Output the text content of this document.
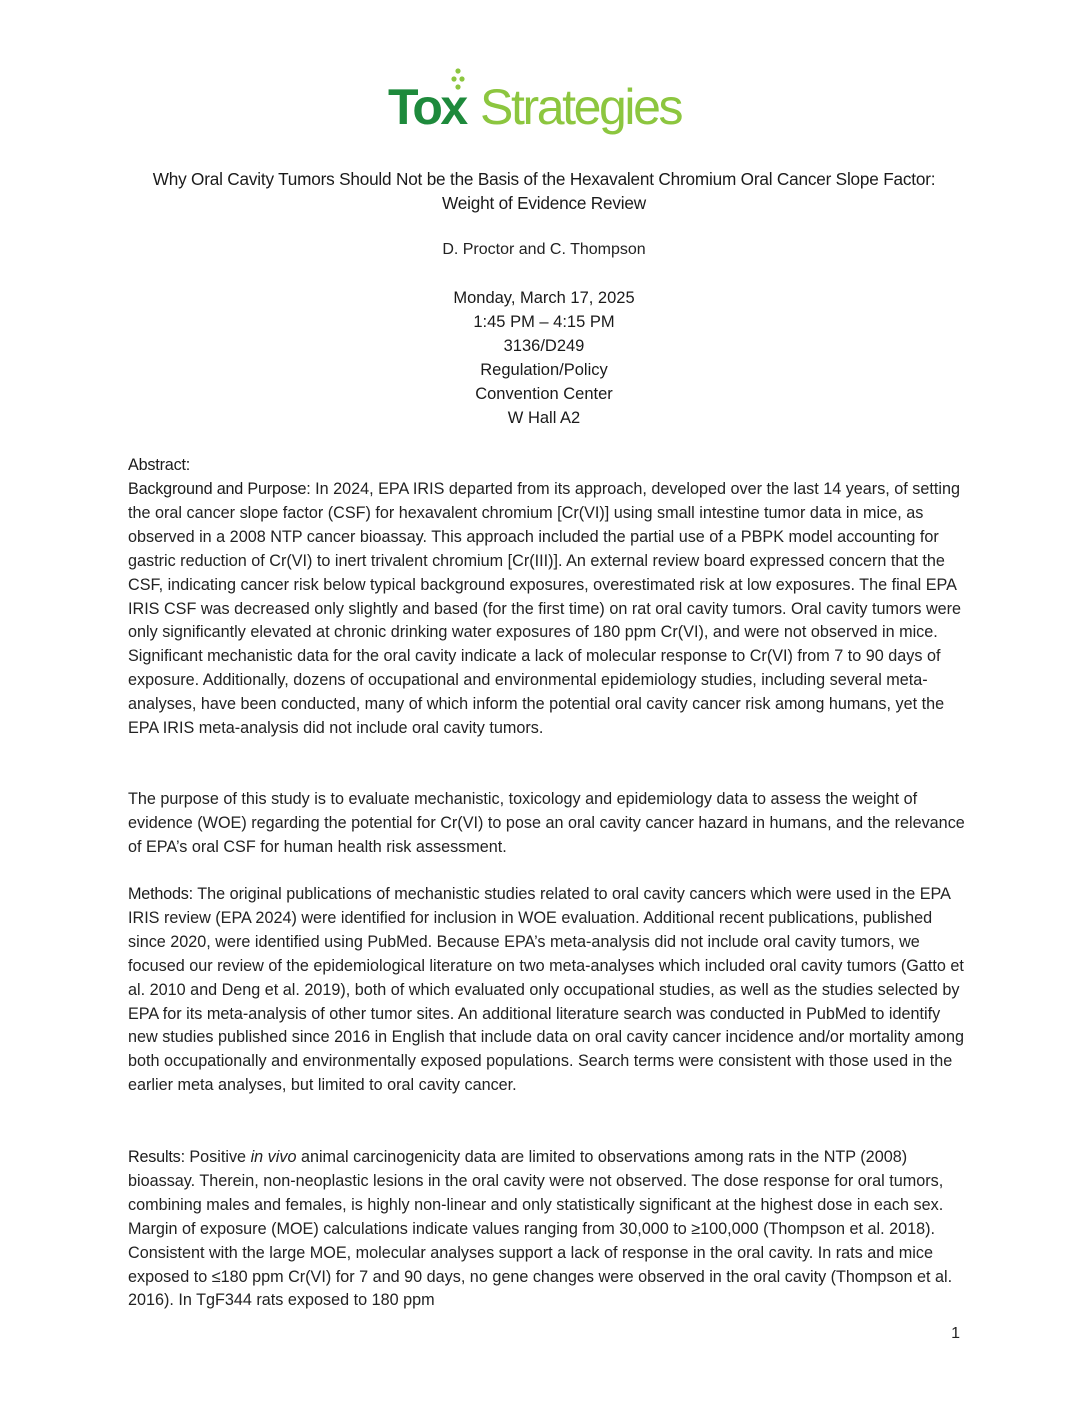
Tox Strategies
Why Oral Cavity Tumors Should Not be the Basis of the Hexavalent Chromium Oral Cancer Slope Factor:
Weight of Evidence Review
D. Proctor and C. Thompson
Monday, March 17, 2025
1:45 PM – 4:15 PM
3136/D249
Regulation/Policy
Convention Center
W Hall A2
Abstract:

Background and Purpose: In 2024, EPA IRIS departed from its approach, developed over the last 14 years, of setting the oral cancer slope factor (CSF) for hexavalent chromium [Cr(VI)] using small intestine tumor data in mice, as observed in a 2008 NTP cancer bioassay. This approach included the partial use of a PBPK model accounting for gastric reduction of Cr(VI) to inert trivalent chromium [Cr(III)]. An external review board expressed concern that the CSF, indicating cancer risk below typical background exposures, overestimated risk at low exposures. The final EPA IRIS CSF was decreased only slightly and based (for the first time) on rat oral cavity tumors. Oral cavity tumors were only significantly elevated at chronic drinking water exposures of 180 ppm Cr(VI), and were not observed in mice. Significant mechanistic data for the oral cavity indicate a lack of molecular response to Cr(VI) from 7 to 90 days of exposure. Additionally, dozens of occupational and environmental epidemiology studies, including several meta-analyses, have been conducted, many of which inform the potential oral cavity cancer risk among humans, yet the EPA IRIS meta-analysis did not include oral cavity tumors.

The purpose of this study is to evaluate mechanistic, toxicology and epidemiology data to assess the weight of evidence (WOE) regarding the potential for Cr(VI) to pose an oral cavity cancer hazard in humans, and the relevance of EPA’s oral CSF for human health risk assessment.

Methods: The original publications of mechanistic studies related to oral cavity cancers which were used in the EPA IRIS review (EPA 2024) were identified for inclusion in WOE evaluation. Additional recent publications, published since 2020, were identified using PubMed. Because EPA’s meta-analysis did not include oral cavity tumors, we focused our review of the epidemiological literature on two meta-analyses which included oral cavity tumors (Gatto et al. 2010 and Deng et al. 2019), both of which evaluated only occupational studies, as well as the studies selected by EPA for its meta-analysis of other tumor sites. An additional literature search was conducted in PubMed to identify new studies published since 2016 in English that include data on oral cavity cancer incidence and/or mortality among both occupationally and environmentally exposed populations. Search terms were consistent with those used in the earlier meta analyses, but limited to oral cavity cancer.

Results: Positive in vivo animal carcinogenicity data are limited to observations among rats in the NTP (2008) bioassay. Therein, non-neoplastic lesions in the oral cavity were not observed. The dose response for oral tumors, combining males and females, is highly non-linear and only statistically significant at the highest dose in each sex. Margin of exposure (MOE) calculations indicate values ranging from 30,000 to ≥100,000 (Thompson et al. 2018). Consistent with the large MOE, molecular analyses support a lack of response in the oral cavity. In rats and mice exposed to ≤180 ppm Cr(VI) for 7 and 90 days, no gene changes were observed in the oral cavity (Thompson et al. 2016). In TgF344 rats exposed to 180 ppm

1
